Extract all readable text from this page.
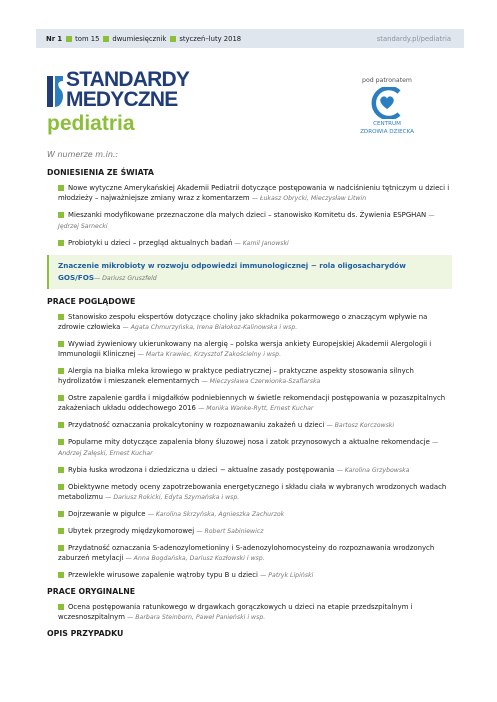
Nr 1 tom 15 dwumiesięcznik styczeń–luty 2018	standardy.pl/pediatria
STANDARDY
MEDYCZNE
pediatria
pod patronatem
CENTRUM
ZDROWIA DZIECKA
W numerze m.in.:
DONIESIENIA ZE ŚWIATA
Nowe wytyczne Amerykańskiej Akademii Pediatrii dotyczące postępowania w nadciśnieniu tętniczym u dzieci i młodzieży – najważniejsze zmiany wraz z komentarzem — Łukasz Obrycki, Mieczysław Litwin
Mieszanki modyfikowane przeznaczone dla małych dzieci – stanowisko Komitetu ds. Żywienia ESPGHAN — Jędrzej Sarnecki
Probiotyki u dzieci – przegląd aktualnych badań — Kamil Janowski
Znaczenie mikrobioty w rozwoju odpowiedzi immunologicznej − rola oligosacharydów GOS/FOS— Dariusz Gruszfeld
PRACE POGLĄDOWE
Stanowisko zespołu ekspertów dotyczące choliny jako składnika pokarmowego o znaczącym wpływie na zdrowie człowieka — Agata Chmurzyńska, Irena Białokoz-Kalinowska i wsp.
Wywiad żywieniowy ukierunkowany na alergię – polska wersja ankiety Europejskiej Akademii Alergologii i Immunologii Klinicznej — Marta Krawiec, Krzysztof Zakościelny i wsp.
Alergia na białka mleka krowiego w praktyce pediatrycznej – praktyczne aspekty stosowania silnych hydrolizatów i mieszanek elementarnych — Mieczysława Czerwionka-Szaflarska
Ostre zapalenie gardła i migdałków podniebiennych w świetle rekomendacji postępowania w pozaszpitalnych zakażeniach układu oddechowego 2016 — Monika Wanke-Rytt, Ernest Kuchar
Przydatność oznaczania prokalcytoniny w rozpoznawaniu zakażeń u dzieci — Bartosz Korczowski
Popularne mity dotyczące zapalenia błony śluzowej nosa i zatok przynosowych a aktualne rekomendacje — Andrzej Załęski, Ernest Kuchar
Rybia łuska wrodzona i dziedziczna u dzieci − aktualne zasady postępowania — Karolina Grzybowska
Obiektywne metody oceny zapotrzebowania energetycznego i składu ciała w wybranych wrodzonych wadach metabolizmu — Dariusz Rokicki, Edyta Szymańska i wsp.
Dojrzewanie w pigułce — Karolina Skrzyńska, Agnieszka Zachurzok
Ubytek przegrody międzykomorowej — Robert Sabiniewicz
Przydatność oznaczania S-adenozylometioniny i S-adenozylohomocysteiny do rozpoznawania wrodzonych zaburzeń metylacji — Anna Bogdańska, Dariusz Kozłowski i wsp.
Przewlekłe wirusowe zapalenie wątroby typu B u dzieci — Patryk Lipiński
PRACE ORYGINALNE
Ocena postępowania ratunkowego w drgawkach gorączkowych u dzieci na etapie przedszpitalnym i wczesnoszpitalnym — Barbara Steinborn, Paweł Panieński i wsp.
OPIS PRZYPADKU
